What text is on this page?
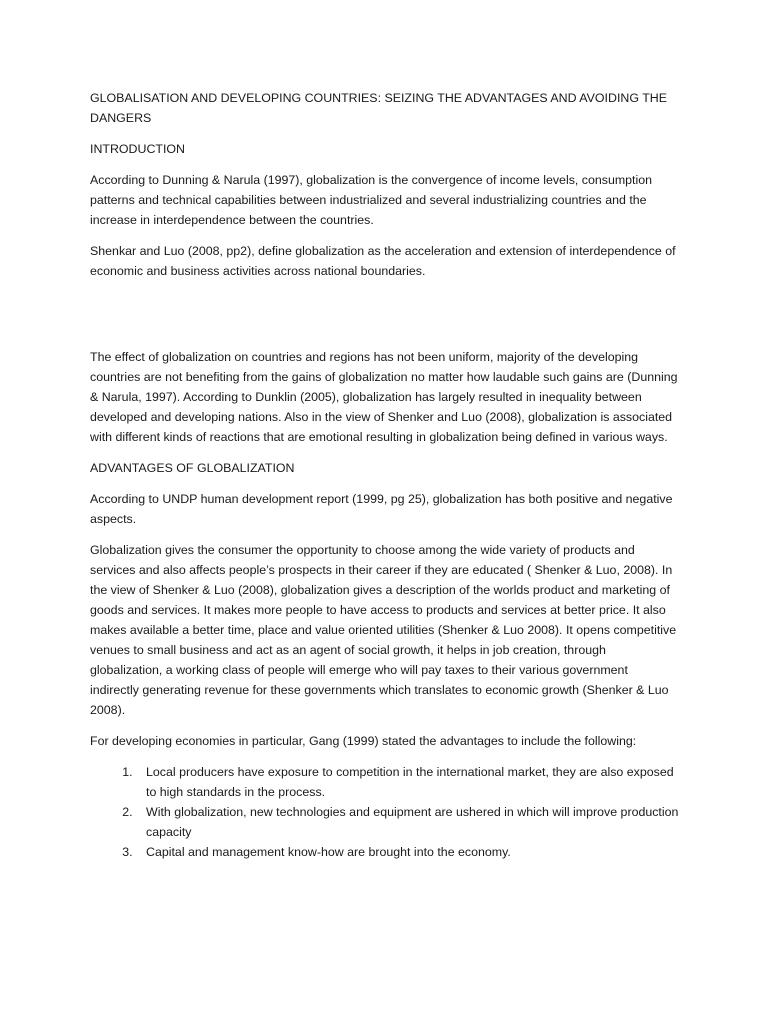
GLOBALISATION AND DEVELOPING COUNTRIES: SEIZING THE ADVANTAGES AND AVOIDING THE DANGERS
INTRODUCTION

According to Dunning & Narula (1997), globalization is the convergence of income levels, consumption patterns and technical capabilities between industrialized and several industrializing countries and the increase in interdependence between the countries.

Shenkar and Luo (2008, pp2), define globalization as the acceleration and extension of interdependence of economic and business activities across national boundaries.

The effect of globalization on countries and regions has not been uniform, majority of the developing countries are not benefiting from the gains of globalization no matter how laudable such gains are (Dunning & Narula, 1997). According to Dunklin (2005), globalization has largely resulted in inequality between developed and developing nations. Also in the view of Shenker and Luo (2008), globalization is associated with different kinds of reactions that are emotional resulting in globalization being defined in various ways.

ADVANTAGES OF GLOBALIZATION

According to UNDP human development report (1999, pg 25), globalization has both positive and negative aspects.

Globalization gives the consumer the opportunity to choose among the wide variety of products and services and also affects people’s prospects in their career if they are educated ( Shenker & Luo, 2008). In the view of Shenker & Luo (2008), globalization gives a description of the worlds product and marketing of goods and services. It makes more people to have access to products and services at better price. It also makes available a better time, place and value oriented utilities (Shenker & Luo 2008). It opens competitive venues to small business and act as an agent of social growth, it helps in job creation, through globalization, a working class of people will emerge who will pay taxes to their various government indirectly generating revenue for these governments which translates to economic growth (Shenker & Luo 2008).

For developing economies in particular, Gang (1999) stated the advantages to include the following:

1. Local producers have exposure to competition in the international market, they are also exposed to high standards in the process.
2. With globalization, new technologies and equipment are ushered in which will improve production capacity
3. Capital and management know-how are brought into the economy.
